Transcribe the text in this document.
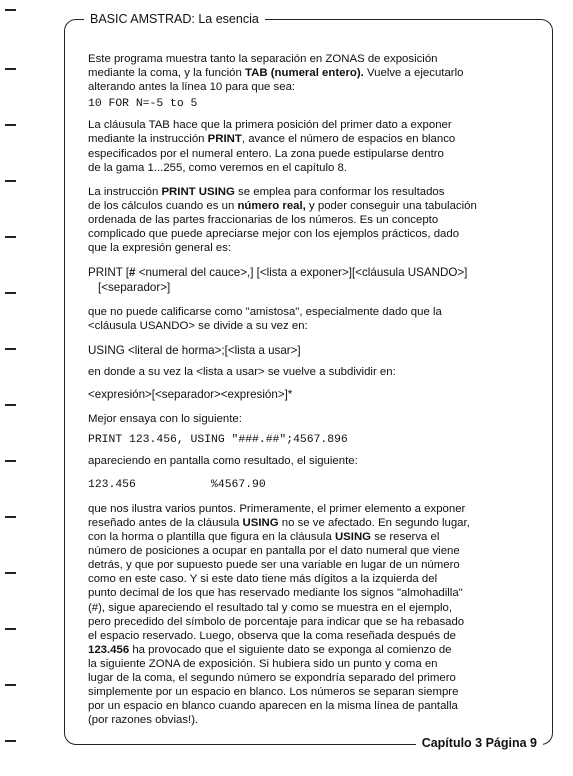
BASIC AMSTRAD: La esencia
Capítulo 3 Página 9

Este programa muestra tanto la separación en ZONAS de exposición
mediante la coma, y la función TAB (numeral entero). Vuelve a ejecutarlo
alterando antes la línea 10 para que sea:

10 FOR N=-5 to 5

La cláusula TAB hace que la primera posición del primer dato a exponer
mediante la instrucción PRINT, avance el número de espacios en blanco
especificados por el numeral entero. La zona puede estipularse dentro
de la gama 1...255, como veremos en el capítulo 8.

La instrucción PRINT USING se emplea para conformar los resultados
de los cálculos cuando es un número real, y poder conseguir una tabulación
ordenada de las partes fraccionarias de los números. Es un concepto
complicado que puede apreciarse mejor con los ejemplos prácticos, dado
que la expresión general es:

PRINT [# <numeral del cauce>,] [<lista a exponer>][<cláusula USANDO>]
[<separador>]

que no puede calificarse como "amistosa", especialmente dado que la
<cláusula USANDO> se divide a su vez en:

USING <literal de horma>;[<lista a usar>]

en donde a su vez la <lista a usar> se vuelve a subdividir en:

<expresión>[<separador><expresión>]*

Mejor ensaya con lo siguiente:

PRINT 123.456, USING "###.##";4567.896

apareciendo en pantalla como resultado, el siguiente:

123.456           %4567.90

que nos ilustra varios puntos. Primeramente, el primer elemento a exponer
reseñado antes de la cláusula USING no se ve afectado. En segundo lugar,
con la horma o plantilla que figura en la cláusula USING se reserva el
número de posiciones a ocupar en pantalla por el dato numeral que viene
detrás, y que por supuesto puede ser una variable en lugar de un número
como en este caso. Y si este dato tiene más dígitos a la izquierda del
punto decimal de los que has reservado mediante los signos "almohadilla"
(#), sigue apareciendo el resultado tal y como se muestra en el ejemplo,
pero precedido del símbolo de porcentaje para indicar que se ha rebasado
el espacio reservado. Luego, observa que la coma reseñada después de
123.456 ha provocado que el siguiente dato se exponga al comienzo de
la siguiente ZONA de exposición. Si hubiera sido un punto y coma en
lugar de la coma, el segundo número se expondría separado del primero
simplemente por un espacio en blanco. Los números se separan siempre
por un espacio en blanco cuando aparecen en la misma línea de pantalla
(por razones obvias!).
